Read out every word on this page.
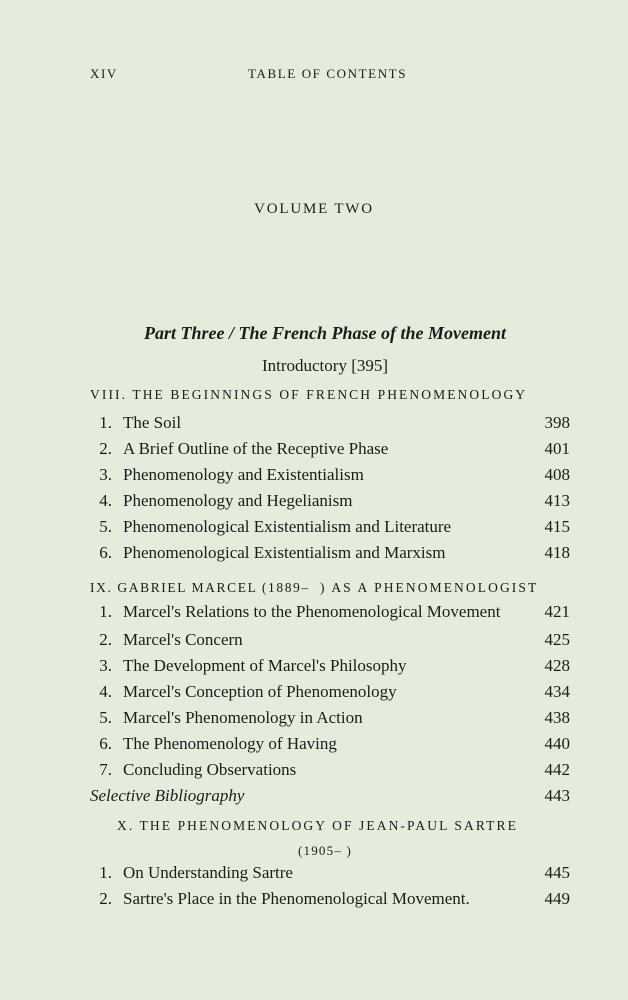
XIV	TABLE OF CONTENTS
VOLUME TWO
Part Three / The French Phase of the Movement
Introductory [395]
VIII. THE BEGINNINGS OF FRENCH PHENOMENOLOGY
1. The Soil	398
2. A Brief Outline of the Receptive Phase	401
3. Phenomenology and Existentialism	408
4. Phenomenology and Hegelianism	413
5. Phenomenological Existentialism and Literature	415
6. Phenomenological Existentialism and Marxism	418
IX. GABRIEL MARCEL (1889– ) AS A PHENOMENOLOGIST
1. Marcel's Relations to the Phenomenological Movement	421
2. Marcel's Concern	425
3. The Development of Marcel's Philosophy	428
4. Marcel's Conception of Phenomenology	434
5. Marcel's Phenomenology in Action	438
6. The Phenomenology of Having	440
7. Concluding Observations	442
Selective Bibliography	443
X. THE PHENOMENOLOGY OF JEAN-PAUL SARTRE
(1905– )
1. On Understanding Sartre	445
2. Sartre's Place in the Phenomenological Movement.	449
